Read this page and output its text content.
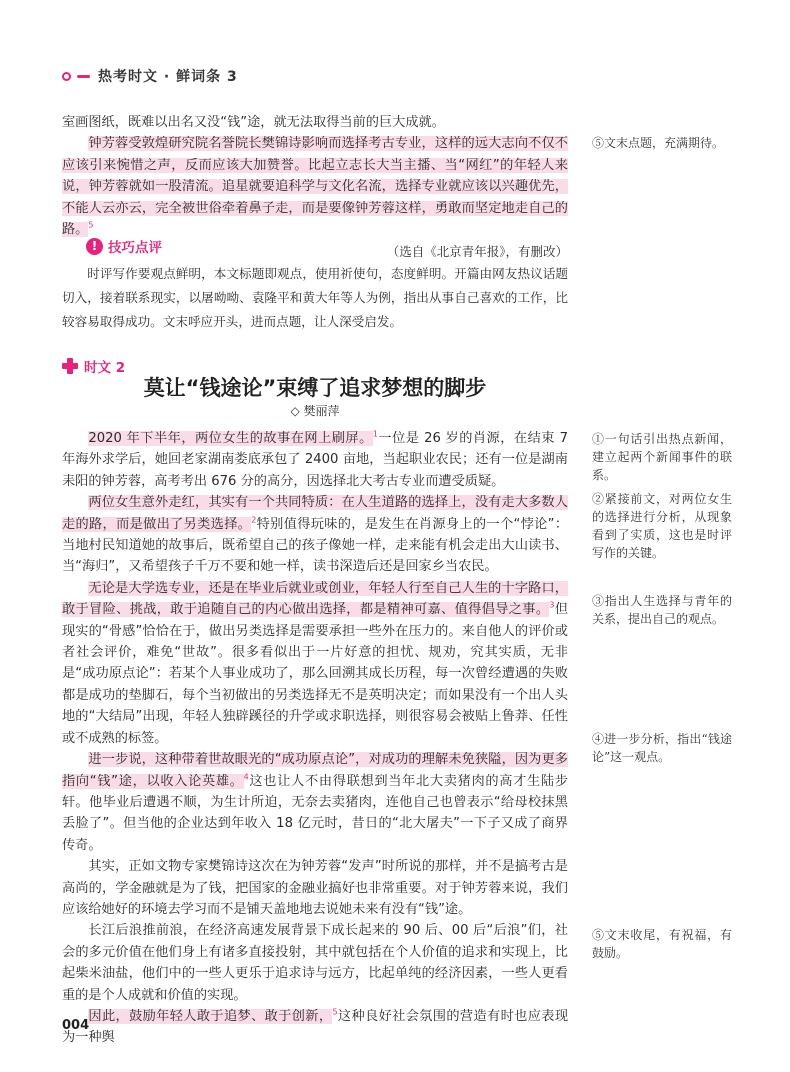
热考时文 · 鲜词条 3

室画图纸，既难以出名又没“钱”途，就无法取得当前的巨大成就。

钟芳蓉受敦煌研究院名誉院长樊锦诗影响而选择考古专业，这样的远大志向不仅不应该引来惋惜之声，反而应该大加赞誉。比起立志长大当主播、当“网红”的年轻人来说，钟芳蓉就如一股清流。追星就要追科学与文化名流，选择专业就应该以兴趣优先，不能人云亦云，完全被世俗牵着鼻子走，而是要像钟芳蓉这样，勇敢而坚定地走自己的路。$^5$

（选自《北京青年报》，有删改）

! 技巧点评

时评写作要观点鲜明，本文标题即观点，使用祈使句，态度鲜明。开篇由网友热议话题切入，接着联系现实，以屠呦呦、袁隆平和黄大年等人为例，指出从事自己喜欢的工作，比较容易取得成功。文末呼应开头，进而点题，让人深受启发。

时文 2
莫让“钱途论”束缚了追求梦想的脚步

◇ 樊丽萍

2020 年下半年，两位女生的故事在网上刷屏。$^1$一位是 26 岁的肖源，在结束 7 年海外求学后，她回老家湖南娄底承包了 2400 亩地，当起职业农民；还有一位是湖南耒阳的钟芳蓉，高考考出 676 分的高分，因选择北大考古专业而遭受质疑。

两位女生意外走红，其实有一个共同特质：在人生道路的选择上，没有走大多数人走的路，而是做出了另类选择。$^2$特别值得玩味的，是发生在肖源身上的一个“悖论”：当地村民知道她的故事后，既希望自己的孩子像她一样，走来能有机会走出大山读书、当“海归”，又希望孩子千万不要和她一样，读书深造后还是回家乡当农民。

无论是大学选专业，还是在毕业后就业或创业，年轻人行至自己人生的十字路口，敢于冒险、挑战，敢于追随自己的内心做出选择，都是精神可嘉、值得倡导之事。$^3$但现实的“骨感”恰恰在于，做出另类选择是需要承担一些外在压力的。来自他人的评价或者社会评价，难免“世故”。很多看似出于一片好意的担忧、规劝，究其实质，无非是“成功原点论”：若某个人事业成功了，那么回溯其成长历程，每一次曾经遭遇的失败都是成功的垫脚石，每个当初做出的另类选择无不是英明决定；而如果没有一个出人头地的“大结局”出现，年轻人独辟蹊径的升学或求职选择，则很容易会被贴上鲁莽、任性或不成熟的标签。

进一步说，这种带着世故眼光的“成功原点论”，对成功的理解未免狭隘，因为更多指向“钱”途，以收入论英雄。$^4$这也让人不由得联想到当年北大卖猪肉的高才生陆步轩。他毕业后遭遇不顺，为生计所迫，无奈去卖猪肉，连他自己也曾表示“给母校抹黑丢脸了”。但当他的企业达到年收入 18 亿元时，昔日的“北大屠夫”一下子又成了商界传奇。

其实，正如文物专家樊锦诗这次在为钟芳蓉“发声”时所说的那样，并不是搞考古是高尚的，学金融就是为了钱，把国家的金融业搞好也非常重要。对于钟芳蓉来说，我们应该给她好的环境去学习而不是铺天盖地地去说她未来有没有“钱”途。

长江后浪推前浪，在经济高速发展背景下成长起来的 90 后、00 后“后浪”们，社会的多元价值在他们身上有诸多直接投射，其中就包括在个人价值的追求和实现上，比起柴米油盐，他们中的一些人更乐于追求诗与远方，比起单纯的经济因素，一些人更看重的是个人成就和价值的实现。

因此，鼓励年轻人敢于追梦、敢于创新，$^5$这种良好社会氛围的营造有时也应表现为一种舆

⑤文末点题，充满期待。

①一句话引出热点新闻，建立起两个新闻事件的联系。

②紧接前文，对两位女生的选择进行分析，从现象看到了实质，这也是时评写作的关键。

③指出人生选择与青年的关系，提出自己的观点。

④进一步分析，指出“钱途论”这一观点。

⑤文末收尾，有祝福，有鼓励。

004
